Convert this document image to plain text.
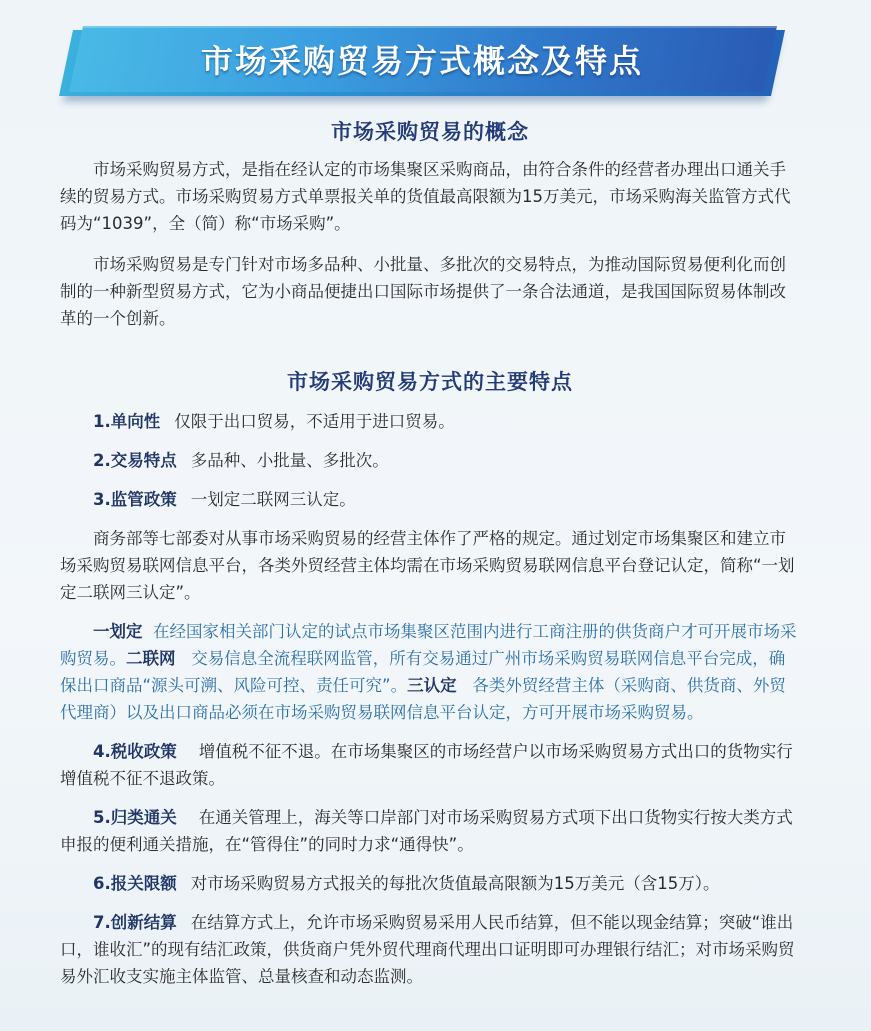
市场采购贸易方式概念及特点
市场采购贸易的概念

市场采购贸易方式，是指在经认定的市场集聚区采购商品，由符合条件的经营者办理出口通关手续的贸易方式。市场采购贸易方式单票报关单的货值最高限额为15万美元，市场采购海关监管方式代码为“1039”，全（简）称“市场采购”。

市场采购贸易是专门针对市场多品种、小批量、多批次的交易特点，为推动国际贸易便利化而创制的一种新型贸易方式，它为小商品便捷出口国际市场提供了一条合法通道，是我国国际贸易体制改革的一个创新。

市场采购贸易方式的主要特点

1.单向性 仅限于出口贸易，不适用于进口贸易。

2.交易特点 多品种、小批量、多批次。

3.监管政策 一划定二联网三认定。

商务部等七部委对从事市场采购贸易的经营主体作了严格的规定。通过划定市场集聚区和建立市场采购贸易联网信息平台，各类外贸经营主体均需在市场采购贸易联网信息平台登记认定，简称“一划定二联网三认定”。

一划定 在经国家相关部门认定的试点市场集聚区范围内进行工商注册的供货商户才可开展市场采购贸易。二联网 交易信息全流程联网监管，所有交易通过广州市场采购贸易联网信息平台完成，确保出口商品“源头可溯、风险可控、责任可究”。三认定 各类外贸经营主体（采购商、供货商、外贸代理商）以及出口商品必须在市场采购贸易联网信息平台认定，方可开展市场采购贸易。

4.税收政策 增值税不征不退。在市场集聚区的市场经营户以市场采购贸易方式出口的货物实行增值税不征不退政策。

5.归类通关 在通关管理上，海关等口岸部门对市场采购贸易方式项下出口货物实行按大类方式申报的便利通关措施，在“管得住”的同时力求“通得快”。

6.报关限额 对市场采购贸易方式报关的每批次货值最高限额为15万美元（含15万）。

7.创新结算 在结算方式上，允许市场采购贸易采用人民币结算，但不能以现金结算；突破“谁出口，谁收汇”的现有结汇政策，供货商户凭外贸代理商代理出口证明即可办理银行结汇；对市场采购贸易外汇收支实施主体监管、总量核查和动态监测。
